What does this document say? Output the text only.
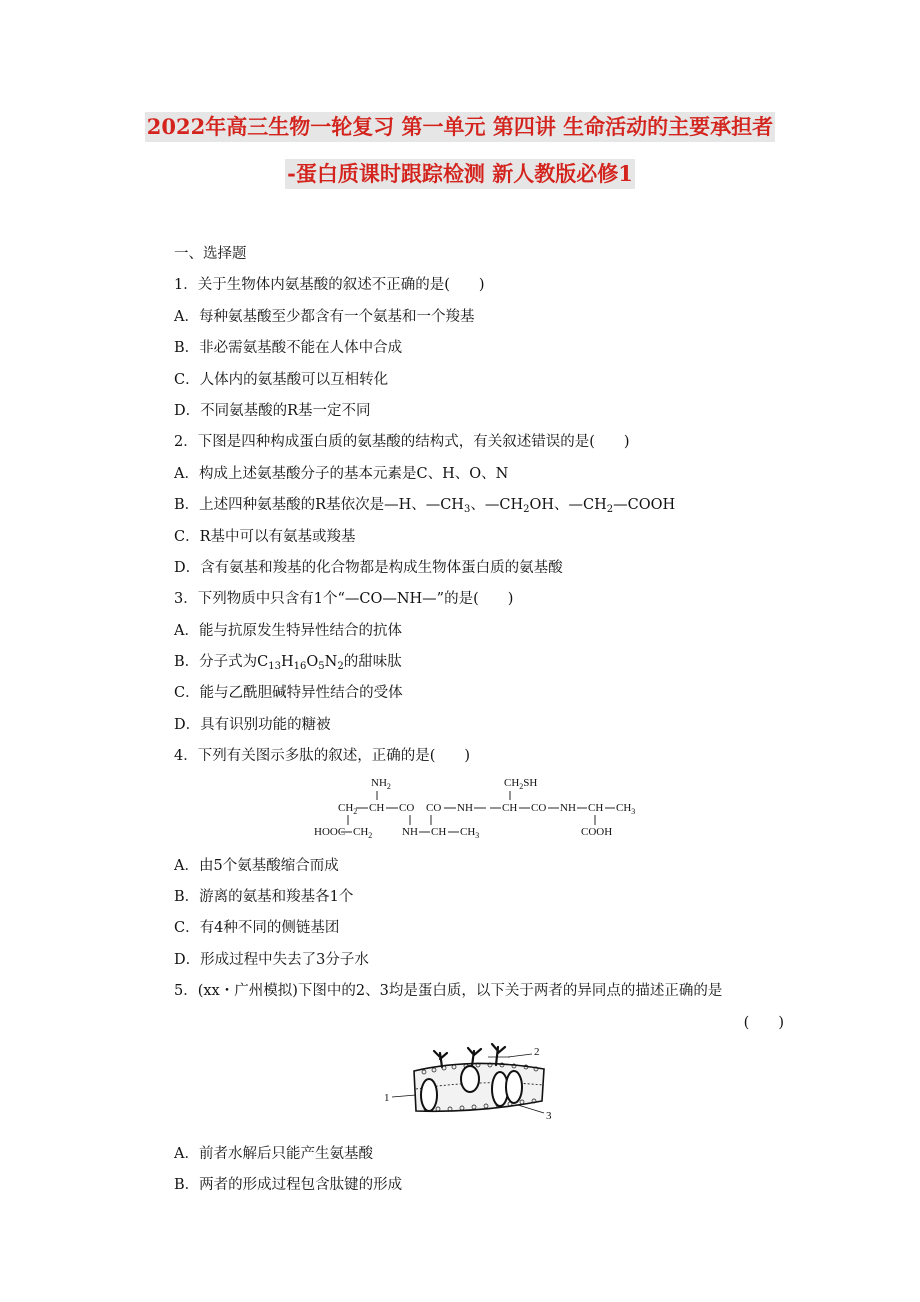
2022年高三生物一轮复习 第一单元 第四讲 生命活动的主要承担者
-蛋白质课时跟踪检测 新人教版必修1
一、选择题
1．关于生物体内氨基酸的叙述不正确的是(　　)
A．每种氨基酸至少都含有一个氨基和一个羧基
B．非必需氨基酸不能在人体中合成
C．人体内的氨基酸可以互相转化
D．不同氨基酸的R基一定不同
2．下图是四种构成蛋白质的氨基酸的结构式，有关叙述错误的是(　　)
A．构成上述氨基酸分子的基本元素是C、H、O、N
B．上述四种氨基酸的R基依次是—H、$—CH_3$、$—CH_2OH$、$—CH_2—COOH$
C．R基中可以有氨基或羧基
D．含有氨基和羧基的化合物都是构成生物体蛋白质的氨基酸
3．下列物质中只含有1个“—CO—NH—”的是(　　)
A．能与抗原发生特异性结合的抗体
B．分子式为$C_{13}H_{16}O_5N_2$的甜味肽
C．能与乙酰胆碱特异性结合的受体
D．具有识别功能的糖被
4．下列有关图示多肽的叙述，正确的是(　　)
$NH_2$	$CH_2SH$
$CH_2$ CH CO CO NH	CH CO NH CH $CH_3$
HOOC $CH_2$	NH CH $CH_3$	COOH
A．由5个氨基酸缩合而成
B．游离的氨基和羧基各1个
C．有4种不同的侧链基团
D．形成过程中失去了3分子水
5．(xx・广州模拟)下图中的2、3均是蛋白质，以下关于两者的异同点的描述正确的是
(　　)
1
2
3
A．前者水解后只能产生氨基酸
B．两者的形成过程包含肽键的形成
